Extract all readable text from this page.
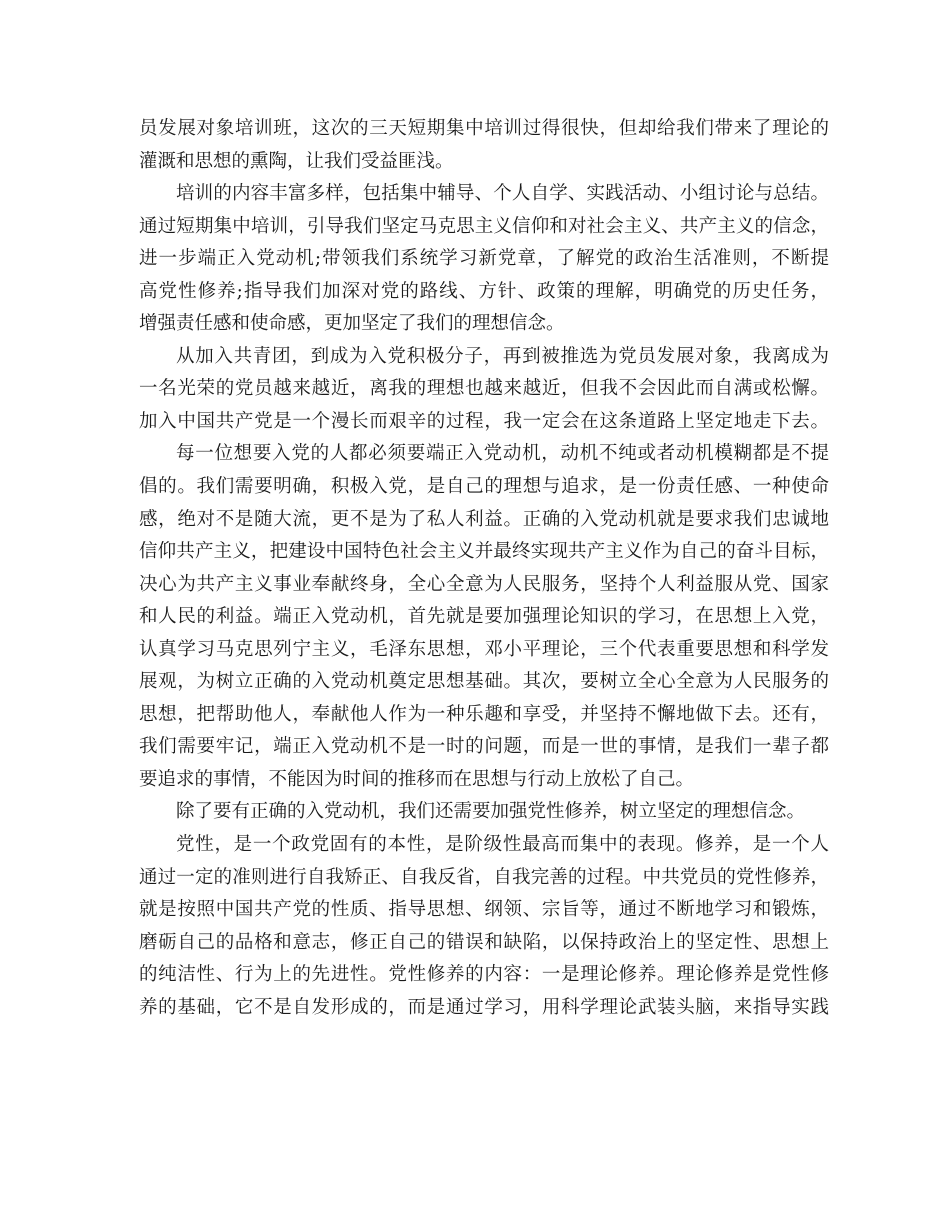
员发展对象培训班，这次的三天短期集中培训过得很快，但却给我们带来了理论的
灌溉和思想的熏陶，让我们受益匪浅。
培训的内容丰富多样，包括集中辅导、个人自学、实践活动、小组讨论与总结。
通过短期集中培训，引导我们坚定马克思主义信仰和对社会主义、共产主义的信念，
进一步端正入党动机;带领我们系统学习新党章，了解党的政治生活准则，不断提
高党性修养;指导我们加深对党的路线、方针、政策的理解，明确党的历史任务，
增强责任感和使命感，更加坚定了我们的理想信念。
从加入共青团，到成为入党积极分子，再到被推选为党员发展对象，我离成为
一名光荣的党员越来越近，离我的理想也越来越近，但我不会因此而自满或松懈。
加入中国共产党是一个漫长而艰辛的过程，我一定会在这条道路上坚定地走下去。
每一位想要入党的人都必须要端正入党动机，动机不纯或者动机模糊都是不提
倡的。我们需要明确，积极入党，是自己的理想与追求，是一份责任感、一种使命
感，绝对不是随大流，更不是为了私人利益。正确的入党动机就是要求我们忠诚地
信仰共产主义，把建设中国特色社会主义并最终实现共产主义作为自己的奋斗目标，
决心为共产主义事业奉献终身，全心全意为人民服务，坚持个人利益服从党、国家
和人民的利益。端正入党动机，首先就是要加强理论知识的学习，在思想上入党，
认真学习马克思列宁主义，毛泽东思想，邓小平理论，三个代表重要思想和科学发
展观，为树立正确的入党动机奠定思想基础。其次，要树立全心全意为人民服务的
思想，把帮助他人，奉献他人作为一种乐趣和享受，并坚持不懈地做下去。还有，
我们需要牢记，端正入党动机不是一时的问题，而是一世的事情，是我们一辈子都
要追求的事情，不能因为时间的推移而在思想与行动上放松了自己。
除了要有正确的入党动机，我们还需要加强党性修养，树立坚定的理想信念。
党性，是一个政党固有的本性，是阶级性最高而集中的表现。修养，是一个人
通过一定的准则进行自我矫正、自我反省，自我完善的过程。中共党员的党性修养，
就是按照中国共产党的性质、指导思想、纲领、宗旨等，通过不断地学习和锻炼，
磨砺自己的品格和意志，修正自己的错误和缺陷，以保持政治上的坚定性、思想上
的纯洁性、行为上的先进性。党性修养的内容：一是理论修养。理论修养是党性修
养的基础，它不是自发形成的，而是通过学习，用科学理论武装头脑，来指导实践
